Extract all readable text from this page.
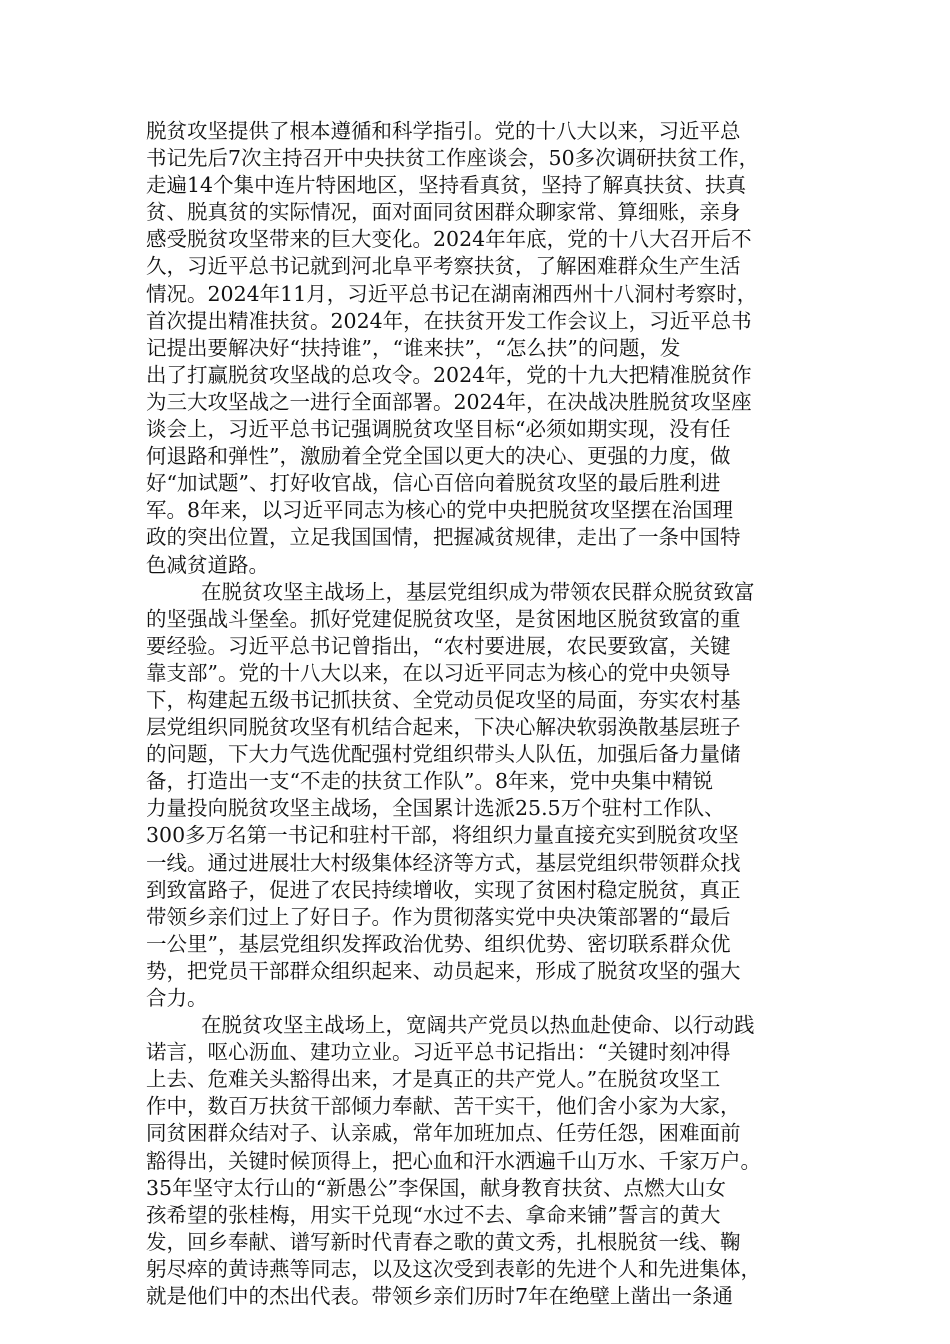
脱贫攻坚提供了根本遵循和科学指引。党的十八大以来，习近平总
书记先后7次主持召开中央扶贫工作座谈会，50多次调研扶贫工作，
走遍14个集中连片特困地区，坚持看真贫，坚持了解真扶贫、扶真
贫、脱真贫的实际情况，面对面同贫困群众聊家常、算细账，亲身
感受脱贫攻坚带来的巨大变化。2024年年底，党的十八大召开后不
久，习近平总书记就到河北阜平考察扶贫，了解困难群众生产生活
情况。2024年11月，习近平总书记在湖南湘西州十八洞村考察时，
首次提出精准扶贫。2024年，在扶贫开发工作会议上，习近平总书
记提出要解决好“扶持谁”，“谁来扶”，“怎么扶”的问题，发
出了打赢脱贫攻坚战的总攻令。2024年，党的十九大把精准脱贫作
为三大攻坚战之一进行全面部署。2024年，在决战决胜脱贫攻坚座
谈会上，习近平总书记强调脱贫攻坚目标“必须如期实现，没有任
何退路和弹性”，激励着全党全国以更大的决心、更强的力度，做
好“加试题”、打好收官战，信心百倍向着脱贫攻坚的最后胜利进
军。8年来，以习近平同志为核心的党中央把脱贫攻坚摆在治国理
政的突出位置，立足我国国情，把握减贫规律，走出了一条中国特
色减贫道路。
在脱贫攻坚主战场上，基层党组织成为带领农民群众脱贫致富
的坚强战斗堡垒。抓好党建促脱贫攻坚，是贫困地区脱贫致富的重
要经验。习近平总书记曾指出，“农村要进展，农民要致富，关键
靠支部”。党的十八大以来，在以习近平同志为核心的党中央领导
下，构建起五级书记抓扶贫、全党动员促攻坚的局面，夯实农村基
层党组织同脱贫攻坚有机结合起来，下决心解决软弱涣散基层班子
的问题，下大力气选优配强村党组织带头人队伍，加强后备力量储
备，打造出一支“不走的扶贫工作队”。8年来，党中央集中精锐
力量投向脱贫攻坚主战场，全国累计选派25.5万个驻村工作队、
300多万名第一书记和驻村干部，将组织力量直接充实到脱贫攻坚
一线。通过进展壮大村级集体经济等方式，基层党组织带领群众找
到致富路子，促进了农民持续增收，实现了贫困村稳定脱贫，真正
带领乡亲们过上了好日子。作为贯彻落实党中央决策部署的“最后
一公里”，基层党组织发挥政治优势、组织优势、密切联系群众优
势，把党员干部群众组织起来、动员起来，形成了脱贫攻坚的强大
合力。
在脱贫攻坚主战场上，宽阔共产党员以热血赴使命、以行动践
诺言，呕心沥血、建功立业。习近平总书记指出：“关键时刻冲得
上去、危难关头豁得出来，才是真正的共产党人。”在脱贫攻坚工
作中，数百万扶贫干部倾力奉献、苦干实干，他们舍小家为大家，
同贫困群众结对子、认亲戚，常年加班加点、任劳任怨，困难面前
豁得出，关键时候顶得上，把心血和汗水洒遍千山万水、千家万户。
35年坚守太行山的“新愚公”李保国，献身教育扶贫、点燃大山女
孩希望的张桂梅，用实干兑现“水过不去、拿命来铺”誓言的黄大
发，回乡奉献、谱写新时代青春之歌的黄文秀，扎根脱贫一线、鞠
躬尽瘁的黄诗燕等同志，以及这次受到表彰的先进个人和先进集体，
就是他们中的杰出代表。带领乡亲们历时7年在绝壁上凿出一条通
